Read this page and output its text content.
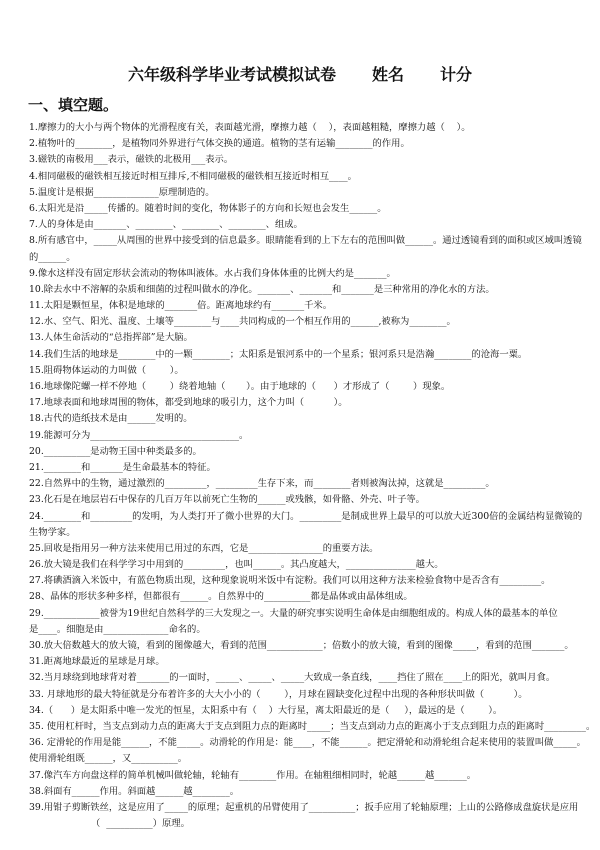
六年级科学毕业考试模拟试卷 姓名 计分
一、填空题。
1.摩擦力的大小与两个物体的光滑程度有关，表面越光滑，摩擦力越（    ），表面越粗糙，摩擦力越（    ）。
2.植物叶的________，是植物同外界进行气体交换的通道。植物的茎有运输________的作用。
3.磁铁的南极用___表示，磁铁的北极用___表示。
4.相同磁极的磁铁相互接近时相互排斥,不相同磁极的磁铁相互接近时相互____。
5.温度计是根据______________原理制造的。
6.太阳光是沿_____传播的。随着时间的变化，物体影子的方向和长短也会发生______。
7.人的身体是由_______、________、________、________、组成。
8.所有感官中，_____从周围的世界中接受到的信息最多。眼睛能看到的上下左右的范围叫做______。通过透镜看到的面积或区域叫透镜
的______。
9.像水这样没有固定形状会流动的物体叫液体。水占我们身体体重的比例大约是_______。
10.除去水中不溶解的杂质和细菌的过程叫做水的净化。_______、_______和_______是三种常用的净化水的方法。
11.太阳是颗恒星，体积是地球的_______倍。距离地球约有_______千米。
12.水、空气、阳光、温度、土壤等________与____共同构成的一个相互作用的______,被称为________。
13.人体生命活动的“总指挥部”是大脑。
14.我们生活的地球是________中的一颗________；太阳系是银河系中的一个星系；银河系只是浩瀚________的沧海一粟。
15.阻碍物体运动的力叫做（        ）。
16.地球像陀螺一样不停地（        ）绕着地轴（       ）。由于地球的（      ）才形成了（        ）现象。
17.地球表面和地球周围的物体，都受到地球的吸引力，这个力叫（          ）。
18.古代的造纸技术是由______发明的。
19.能源可分为________________________________。
20.__________是动物王国中种类最多的。
21.________和_______是生命最基本的特征。
22.自然界中的生物，通过激烈的_________，_________生存下来，而________者则被淘汰掉，这就是_________。
23.化石是在地层岩石中保存的几百万年以前死亡生物的______或残骸，如骨骼、外壳、叶子等。
24.________和_________的发明，为人类打开了微小世界的大门。_________是制成世界上最早的可以放大近300倍的金属结构显微镜的
生物学家。
25.回收是指用另一种方法来使用已用过的东西，它是________________的重要方法。
26.放大镜是我们在科学学习中用到的_________，也叫______。其凸度越大，_______________越大。
27.将碘酒滴入米饭中，有蓝色物质出现，这种现象说明米饭中有淀粉。我们可以用这种方法来检验食物中是否含有_________。
28、晶体的形状多种多样，但都很有______。自然界中的__________都是晶体或由晶体组成。
29.____________被誉为19世纪自然科学的三大发现之一。大量的研究事实说明生命体是由细胞组成的。构成人体的最基本的单位
是____。细胞是由______________命名的。
30.放大倍数越大的放大镜，看到的图像越大，看到的范围____________；倍数小的放大镜，看到的图像_____，看到的范围_______。
31.距离地球最近的星球是月球。
32.当月球绕到地球背对着_______的一面时，_____、_____、_____大致成一条直线，____挡住了照在____上的阳光，就叫月食。
33. 月球地形的最大特征就是分布着许多的大大小小的（        ），月球在圆缺变化过程中出现的各种形状叫做（          ）。
34.（      ）是太阳系中唯一发光的恒星，太阳系中有（    ）大行星，离太阳最近的是（     ），最远的是（        ）。
35. 使用杠杆时，当支点到动力点的距离大于支点到阻力点的距离时_____；当支点到动力点的距离小于支点到阻力点的距离时_________。
36. 定滑轮的作用是能______，不能_____。动滑轮的作用是：能____，不能______。把定滑轮和动滑轮组合起来使用的装置叫做_____。
使用滑轮组既______，又__________。
37.像汽车方向盘这样的简单机械叫做轮轴，轮轴有________作用。在轴粗细相同时，轮越______越_______。
38.斜面有______作用。斜面越______越________。
39.用钳子剪断铁丝，这是应用了_____的原理；起重机的吊臂使用了__________；扳手应用了轮轴原理；上山的公路修成盘旋状是应用
（  __________）原理。
